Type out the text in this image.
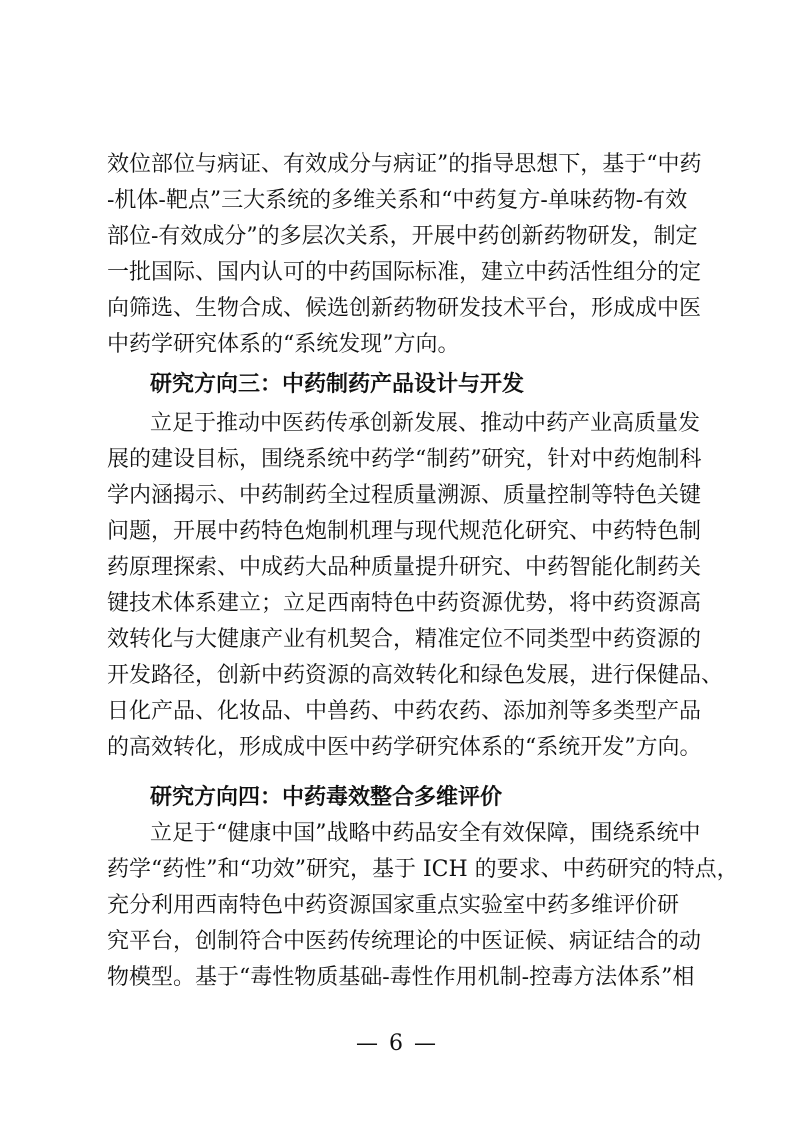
效位部位与病证、有效成分与病证”的指导思想下，基于“中药
-机体-靶点”三大系统的多维关系和“中药复方-单味药物-有效
部位-有效成分”的多层次关系，开展中药创新药物研发，制定
一批国际、国内认可的中药国际标准，建立中药活性组分的定
向筛选、生物合成、候选创新药物研发技术平台，形成成中医
中药学研究体系的“系统发现”方向。
研究方向三：中药制药产品设计与开发
立足于推动中医药传承创新发展、推动中药产业高质量发
展的建设目标，围绕系统中药学“制药”研究，针对中药炮制科
学内涵揭示、中药制药全过程质量溯源、质量控制等特色关键
问题，开展中药特色炮制机理与现代规范化研究、中药特色制
药原理探索、中成药大品种质量提升研究、中药智能化制药关
键技术体系建立；立足西南特色中药资源优势，将中药资源高
效转化与大健康产业有机契合，精准定位不同类型中药资源的
开发路径，创新中药资源的高效转化和绿色发展，进行保健品、
日化产品、化妆品、中兽药、中药农药、添加剂等多类型产品
的高效转化，形成成中医中药学研究体系的“系统开发”方向。
研究方向四：中药毒效整合多维评价
立足于“健康中国”战略中药品安全有效保障，围绕系统中
药学“药性”和“功效”研究，基于 ICH 的要求、中药研究的特点，
充分利用西南特色中药资源国家重点实验室中药多维评价研
究平台，创制符合中医药传统理论的中医证候、病证结合的动
物模型。基于“毒性物质基础-毒性作用机制-控毒方法体系”相
— 6 —
